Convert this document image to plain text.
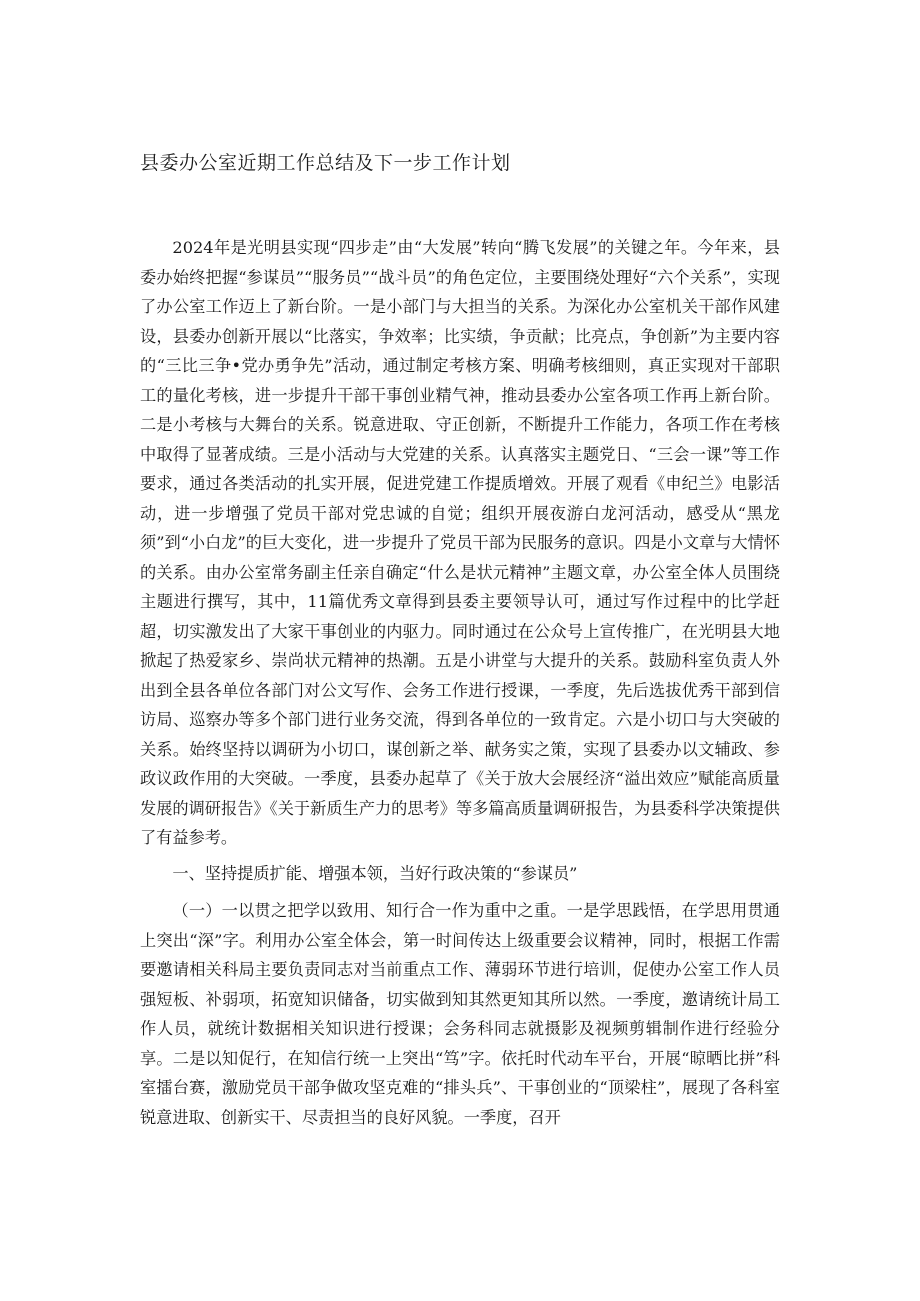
县委办公室近期工作总结及下一步工作计划

2024年是光明县实现“四步走”由“大发展”转向“腾飞发展”的关键之年。今年来，县委办始终把握“参谋员”“服务员”“战斗员”的角色定位，主要围绕处理好“六个关系”，实现了办公室工作迈上了新台阶。一是小部门与大担当的关系。为深化办公室机关干部作风建设，县委办创新开展以“比落实，争效率；比实绩，争贡献；比亮点，争创新”为主要内容的“三比三争•党办勇争先”活动，通过制定考核方案、明确考核细则，真正实现对干部职工的量化考核，进一步提升干部干事创业精气神，推动县委办公室各项工作再上新台阶。二是小考核与大舞台的关系。锐意进取、守正创新，不断提升工作能力，各项工作在考核中取得了显著成绩。三是小活动与大党建的关系。认真落实主题党日、“三会一课”等工作要求，通过各类活动的扎实开展，促进党建工作提质增效。开展了观看《申纪兰》电影活动，进一步增强了党员干部对党忠诚的自觉；组织开展夜游白龙河活动，感受从“黑龙须”到“小白龙”的巨大变化，进一步提升了党员干部为民服务的意识。四是小文章与大情怀的关系。由办公室常务副主任亲自确定“什么是状元精神”主题文章，办公室全体人员围绕主题进行撰写，其中，11篇优秀文章得到县委主要领导认可，通过写作过程中的比学赶超，切实激发出了大家干事创业的内驱力。同时通过在公众号上宣传推广，在光明县大地掀起了热爱家乡、崇尚状元精神的热潮。五是小讲堂与大提升的关系。鼓励科室负责人外出到全县各单位各部门对公文写作、会务工作进行授课，一季度，先后选拔优秀干部到信访局、巡察办等多个部门进行业务交流，得到各单位的一致肯定。六是小切口与大突破的关系。始终坚持以调研为小切口，谋创新之举、献务实之策，实现了县委办以文辅政、参政议政作用的大突破。一季度，县委办起草了《关于放大会展经济“溢出效应”赋能高质量发展的调研报告》《关于新质生产力的思考》等多篇高质量调研报告，为县委科学决策提供了有益参考。

一、坚持提质扩能、增强本领，当好行政决策的“参谋员”

（一）一以贯之把学以致用、知行合一作为重中之重。一是学思践悟，在学思用贯通上突出“深”字。利用办公室全体会，第一时间传达上级重要会议精神，同时，根据工作需要邀请相关科局主要负责同志对当前重点工作、薄弱环节进行培训，促使办公室工作人员强短板、补弱项，拓宽知识储备，切实做到知其然更知其所以然。一季度，邀请统计局工作人员，就统计数据相关知识进行授课；会务科同志就摄影及视频剪辑制作进行经验分享。二是以知促行，在知信行统一上突出“笃”字。依托时代动车平台，开展“晾晒比拼”科室擂台赛，激励党员干部争做攻坚克难的“排头兵”、干事创业的“顶梁柱”，展现了各科室锐意进取、创新实干、尽责担当的良好风貌。一季度，召开
